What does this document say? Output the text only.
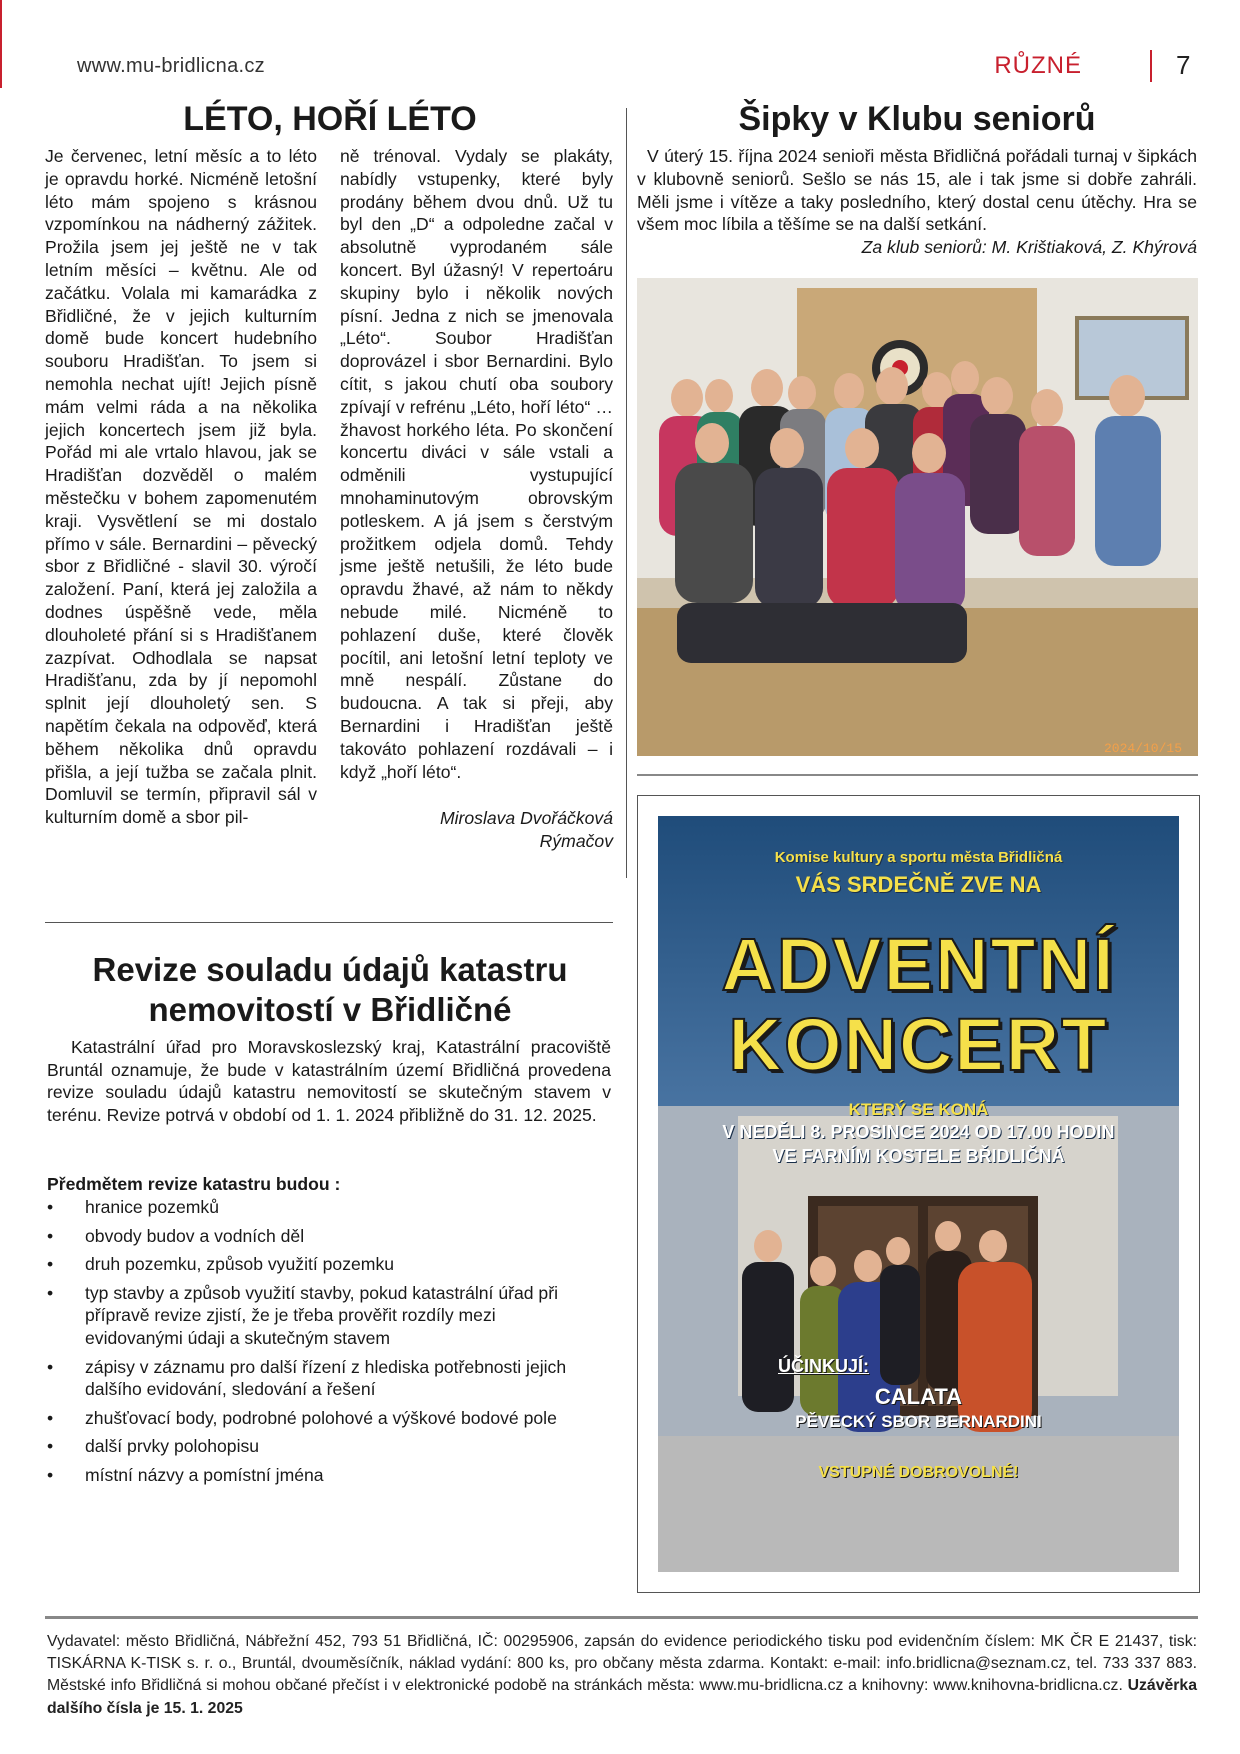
www.mu-bridlicna.cz	RŮZNÉ	7
LÉTO, HOŘÍ LÉTO

Je červenec, letní měsíc a to léto je opravdu horké. Nicméně letošní léto mám spojeno s krásnou vzpomínkou na nádherný zážitek. Prožila jsem jej ještě ne v tak letním měsíci – květnu. Ale od začátku. Volala mi kamarádka z Břidličné, že v jejich kulturním domě bude koncert hudebního souboru Hradišťan. To jsem si nemohla nechat ujít! Jejich písně mám velmi ráda a na několika jejich koncertech jsem již byla. Pořád mi ale vrtalo hlavou, jak se Hradišťan dozvěděl o malém městečku v bohem zapomenutém kraji. Vysvětlení se mi dostalo přímo v sále. Bernardini – pěvecký sbor z Břidličné - slavil 30. výročí založení. Paní, která jej založila a dodnes úspěšně vede, měla dlouholeté přání si s Hradišťanem zazpívat. Odhodlala se napsat Hradišťanu, zda by jí nepomohl splnit její dlouholetý sen. S napětím čekala na odpověď, která během několika dnů opravdu přišla, a její tužba se začala plnit. Domluvil se termín, připravil sál v kulturním domě a sbor pil-

ně trénoval. Vydaly se plakáty, nabídly vstupenky, které byly prodány během dvou dnů. Už tu byl den „D“ a odpoledne začal v absolutně vyprodaném sále koncert. Byl úžasný! V repertoáru skupiny bylo i několik nových písní. Jedna z nich se jmenovala „Léto“. Soubor Hradišťan doprovázel i sbor Bernardini. Bylo cítit, s jakou chutí oba soubory zpívají v refrénu „Léto, hoří léto“ … žhavost horkého léta. Po skončení koncertu diváci v sále vstali a odměnili vystupující mnohaminutovým obrovským potleskem. A já jsem s čerstvým prožitkem odjela domů. Tehdy jsme ještě netušili, že léto bude opravdu žhavé, až nám to někdy nebude milé. Nicméně to pohlazení duše, které člověk pocítil, ani letošní letní teploty ve mně nespálí. Zůstane do budoucna. A tak si přeji, aby Bernardini i Hradišťan ještě takováto pohlazení rozdávali – i když „hoří léto“.

Miroslava Dvořáčková
Rýmačov
Šipky v Klubu seniorů

V úterý 15. října 2024 senioři města Břidličná pořádali turnaj v šipkách v klubovně seniorů. Sešlo se nás 15, ale i tak jsme si dobře zahráli. Měli jsme i vítěze a taky posledního, který dostal cenu útěchy. Hra se všem moc líbila a těšíme se na další setkání.

Za klub seniorů: M. Krištiaková, Z. Khýrová
2024/10/15
Komise kultury a sportu města Břidličná
VÁS SRDEČNĚ ZVE NA
ADVENTNÍ
KONCERT
KTERÝ SE KONÁ
V NEDĚLI 8. PROSINCE 2024 OD 17.00 HODIN
VE FARNÍM KOSTELE BŘIDLIČNÁ
ÚČINKUJÍ:
CALATA
PĚVECKÝ SBOR BERNARDINI
VSTUPNÉ DOBROVOLNÉ!
Revize souladu údajů katastru
nemovitostí v Břidličné

Katastrální úřad pro Moravskoslezský kraj, Katastrální pracoviště Bruntál oznamuje, že bude v katastrálním území Břidličná provedena revize souladu údajů katastru nemovitostí se skutečným stavem v terénu. Revize potrvá v období od 1. 1. 2024 přibližně do 31. 12. 2025.

Předmětem revize katastru budou :
• hranice pozemků
• obvody budov a vodních děl
• druh pozemku, způsob využití pozemku
• typ stavby a způsob využití stavby, pokud katastrální úřad při přípravě revize zjistí, že je třeba prověřit rozdíly mezi evidovanými údaji a skutečným stavem
• zápisy v záznamu pro další řízení z hlediska potřebnosti jejich dalšího evidování, sledování a řešení
• zhušťovací body, podrobné polohové a výškové bodové pole
• další prvky polohopisu
• místní názvy a pomístní jména

Vydavatel: město Břidličná, Nábřežní 452, 793 51 Břidličná, IČ: 00295906, zapsán do evidence periodického tisku pod evidenčním číslem: MK ČR E 21437, tisk: TISKÁRNA K-TISK s. r. o., Bruntál, dvouměsíčník, náklad vydání: 800 ks, pro občany města zdarma. Kontakt: e-mail: info.bridlicna@seznam.cz, tel. 733 337 883. Městské info Břidličná si mohou občané přečíst i v elektronické podobě na stránkách města: www.mu-bridlicna.cz a knihovny: www.knihovna-bridlicna.cz. Uzávěrka dalšího čísla je 15. 1. 2025
